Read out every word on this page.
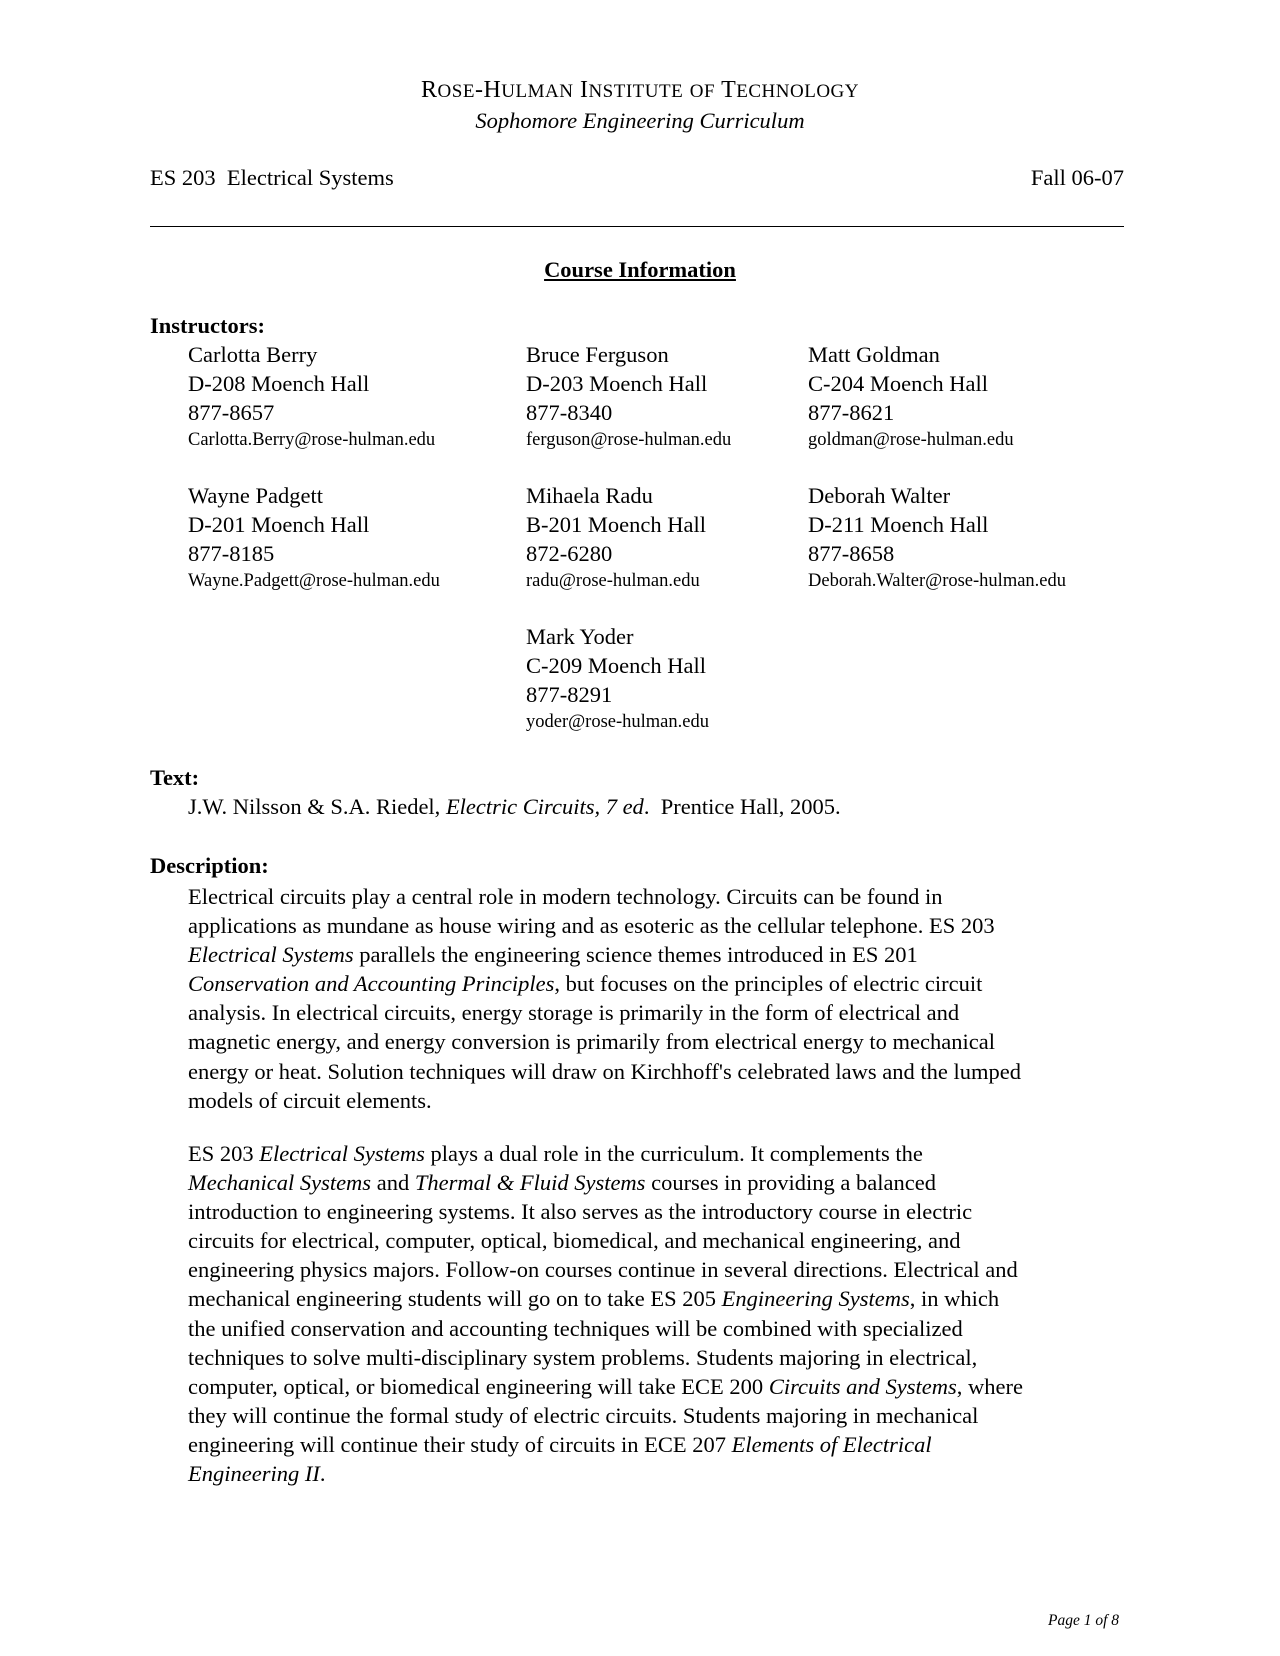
ROSE-HULMAN INSTITUTE OF TECHNOLOGY
Sophomore Engineering Curriculum
ES 203  Electrical Systems	Fall 06-07
Course Information
Instructors:
Carlotta Berry
D-208 Moench Hall
877-8657
Carlotta.Berry@rose-hulman.edu
Bruce Ferguson
D-203 Moench Hall
877-8340
ferguson@rose-hulman.edu
Matt Goldman
C-204 Moench Hall
877-8621
goldman@rose-hulman.edu
Wayne Padgett
D-201 Moench Hall
877-8185
Wayne.Padgett@rose-hulman.edu
Mihaela Radu
B-201 Moench Hall
872-6280
radu@rose-hulman.edu
Deborah Walter
D-211 Moench Hall
877-8658
Deborah.Walter@rose-hulman.edu
Mark Yoder
C-209 Moench Hall
877-8291
yoder@rose-hulman.edu
Text:
J.W. Nilsson & S.A. Riedel, Electric Circuits, 7 ed.  Prentice Hall, 2005.
Description:
Electrical circuits play a central role in modern technology. Circuits can be found in
applications as mundane as house wiring and as esoteric as the cellular telephone. ES 203
Electrical Systems parallels the engineering science themes introduced in ES 201
Conservation and Accounting Principles, but focuses on the principles of electric circuit
analysis. In electrical circuits, energy storage is primarily in the form of electrical and
magnetic energy, and energy conversion is primarily from electrical energy to mechanical
energy or heat. Solution techniques will draw on Kirchhoff's celebrated laws and the lumped
models of circuit elements.
ES 203 Electrical Systems plays a dual role in the curriculum. It complements the
Mechanical Systems and Thermal & Fluid Systems courses in providing a balanced
introduction to engineering systems. It also serves as the introductory course in electric
circuits for electrical, computer, optical, biomedical, and mechanical engineering, and
engineering physics majors. Follow-on courses continue in several directions. Electrical and
mechanical engineering students will go on to take ES 205 Engineering Systems, in which
the unified conservation and accounting techniques will be combined with specialized
techniques to solve multi-disciplinary system problems. Students majoring in electrical,
computer, optical, or biomedical engineering will take ECE 200 Circuits and Systems, where
they will continue the formal study of electric circuits. Students majoring in mechanical
engineering will continue their study of circuits in ECE 207 Elements of Electrical
Engineering II.
Page 1 of 8
